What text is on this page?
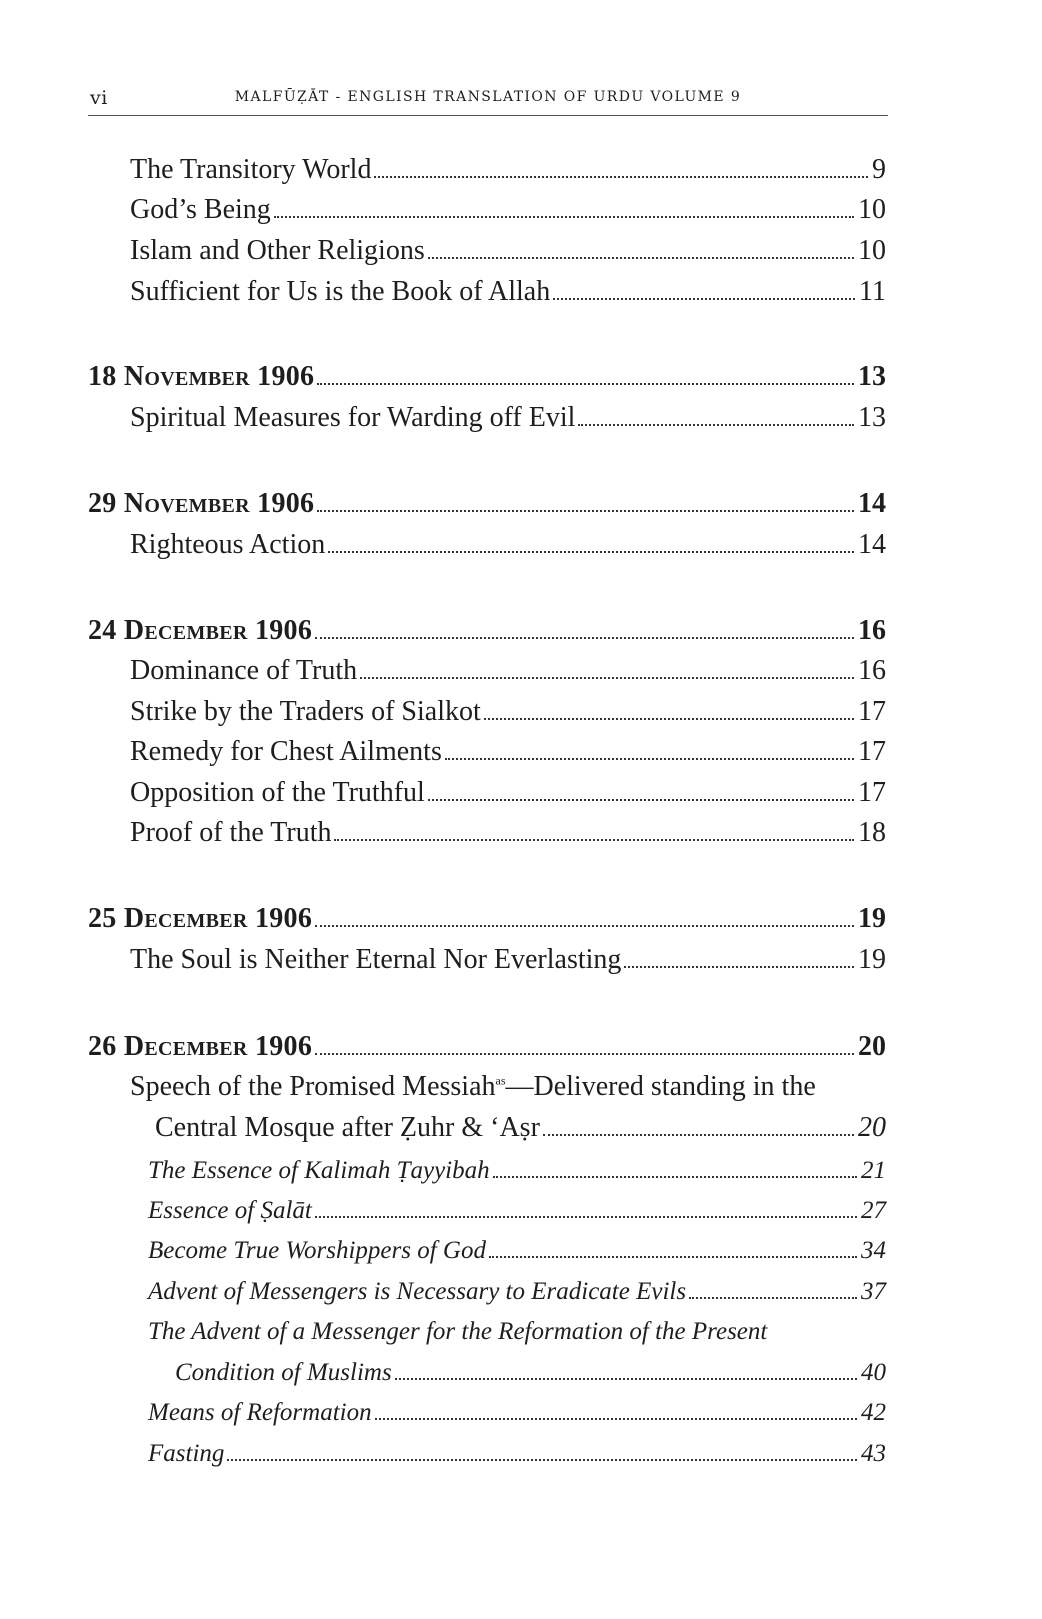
vi	MALFŪẒĀT - ENGLISH TRANSLATION OF URDU VOLUME 9
The Transitory World	9
God’s Being	10
Islam and Other Religions	10
Sufficient for Us is the Book of Allah	11
18 November 1906	13
Spiritual Measures for Warding off Evil	13
29 November 1906	14
Righteous Action	14
24 December 1906	16
Dominance of Truth	16
Strike by the Traders of Sialkot	17
Remedy for Chest Ailments	17
Opposition of the Truthful	17
Proof of the Truth	18
25 December 1906	19
The Soul is Neither Eternal Nor Everlasting	19
26 December 1906	20
Speech of the Promised Messiah$^{as}$—Delivered standing in the
Central Mosque after Ẓuhr & ‘Aṣr	20
The Essence of Kalimah Ṭayyibah	21
Essence of Ṣalāt	27
Become True Worshippers of God	34
Advent of Messengers is Necessary to Eradicate Evils	37
The Advent of a Messenger for the Reformation of the Present
Condition of Muslims	40
Means of Reformation	42
Fasting	43
